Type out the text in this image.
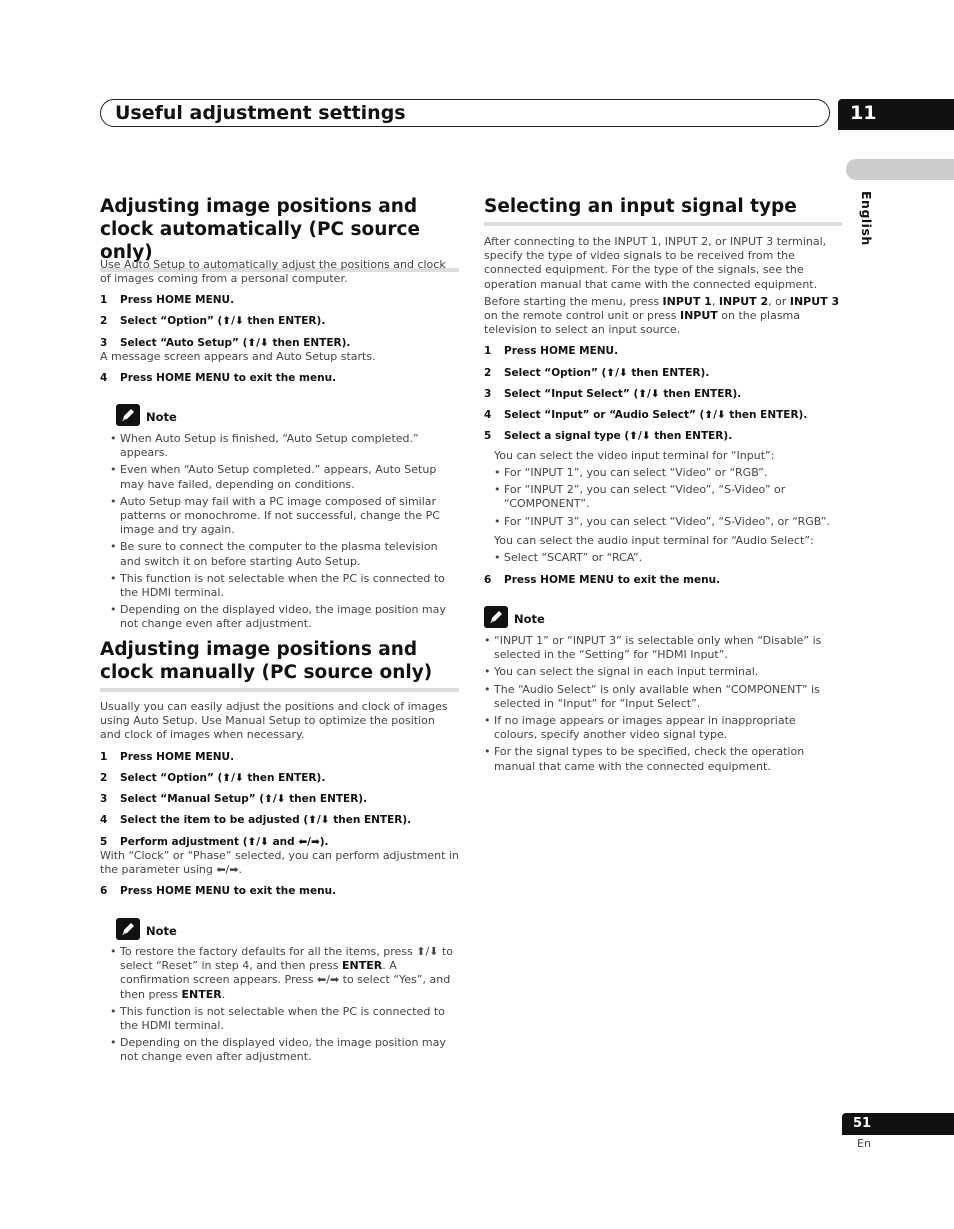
Useful adjustment settings	11
English
Adjusting image positions and clock automatically (PC source only)

Use Auto Setup to automatically adjust the positions and clock of images coming from a personal computer.

1 Press HOME MENU.
2 Select “Option” (⬆/⬇ then ENTER).
3 Select “Auto Setup” (⬆/⬇ then ENTER).
A message screen appears and Auto Setup starts.
4 Press HOME MENU to exit the menu.
Note
• When Auto Setup is finished, “Auto Setup completed.” appears.
• Even when “Auto Setup completed.” appears, Auto Setup may have failed, depending on conditions.
• Auto Setup may fail with a PC image composed of similar patterns or monochrome. If not successful, change the PC image and try again.
• Be sure to connect the computer to the plasma television and switch it on before starting Auto Setup.
• This function is not selectable when the PC is connected to the HDMI terminal.
• Depending on the displayed video, the image position may not change even after adjustment.
Adjusting image positions and clock manually (PC source only)

Usually you can easily adjust the positions and clock of images using Auto Setup. Use Manual Setup to optimize the position and clock of images when necessary.

1 Press HOME MENU.
2 Select “Option” (⬆/⬇ then ENTER).
3 Select “Manual Setup” (⬆/⬇ then ENTER).
4 Select the item to be adjusted (⬆/⬇ then ENTER).
5 Perform adjustment (⬆/⬇ and ⬅/➡).
With “Clock” or “Phase” selected, you can perform adjustment in the parameter using ⬅/➡.
6 Press HOME MENU to exit the menu.
Note
• To restore the factory defaults for all the items, press ⬆/⬇ to select “Reset” in step 4, and then press ENTER. A confirmation screen appears. Press ⬅/➡ to select “Yes”, and then press ENTER.
• This function is not selectable when the PC is connected to the HDMI terminal.
• Depending on the displayed video, the image position may not change even after adjustment.
Selecting an input signal type

After connecting to the INPUT 1, INPUT 2, or INPUT 3 terminal, specify the type of video signals to be received from the connected equipment. For the type of the signals, see the operation manual that came with the connected equipment.

Before starting the menu, press INPUT 1, INPUT 2, or INPUT 3 on the remote control unit or press INPUT on the plasma television to select an input source.

1 Press HOME MENU.
2 Select “Option” (⬆/⬇ then ENTER).
3 Select “Input Select” (⬆/⬇ then ENTER).
4 Select “Input” or “Audio Select” (⬆/⬇ then ENTER).
5 Select a signal type (⬆/⬇ then ENTER).
You can select the video input terminal for “Input”:
• For “INPUT 1”, you can select “Video” or “RGB”.
• For “INPUT 2”, you can select “Video”, “S-Video” or “COMPONENT”.
• For “INPUT 3”, you can select “Video”, “S-Video”, or “RGB”.
You can select the audio input terminal for “Audio Select”:
• Select “SCART” or “RCA”.
6 Press HOME MENU to exit the menu.
Note
• “INPUT 1” or “INPUT 3” is selectable only when “Disable” is selected in the “Setting” for “HDMI Input”.
• You can select the signal in each input terminal.
• The “Audio Select” is only available when “COMPONENT” is selected in “Input” for “Input Select”.
• If no image appears or images appear in inappropriate colours, specify another video signal type.
• For the signal types to be specified, check the operation manual that came with the connected equipment.
51
En
